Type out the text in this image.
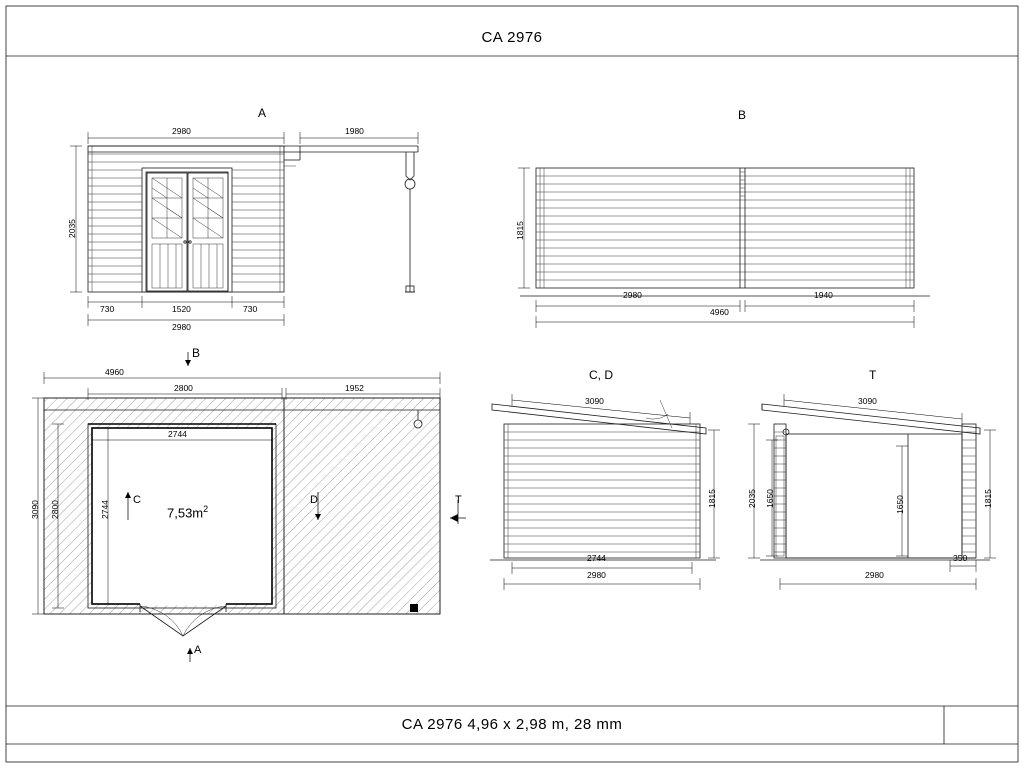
CA 2976
CA 2976 4,96 x 2,98 m, 28 mm
A	B
B
C, D	T
2980	1980
2035
730	1520	730
2980
1815
2980	1940
4960
4960
2800	1952
2744
3090 2800	2744
C	D	T
A
$7,53m^2$
3090
1815
2744
2980
3090
2035 1650	1650	1815
350
2980
